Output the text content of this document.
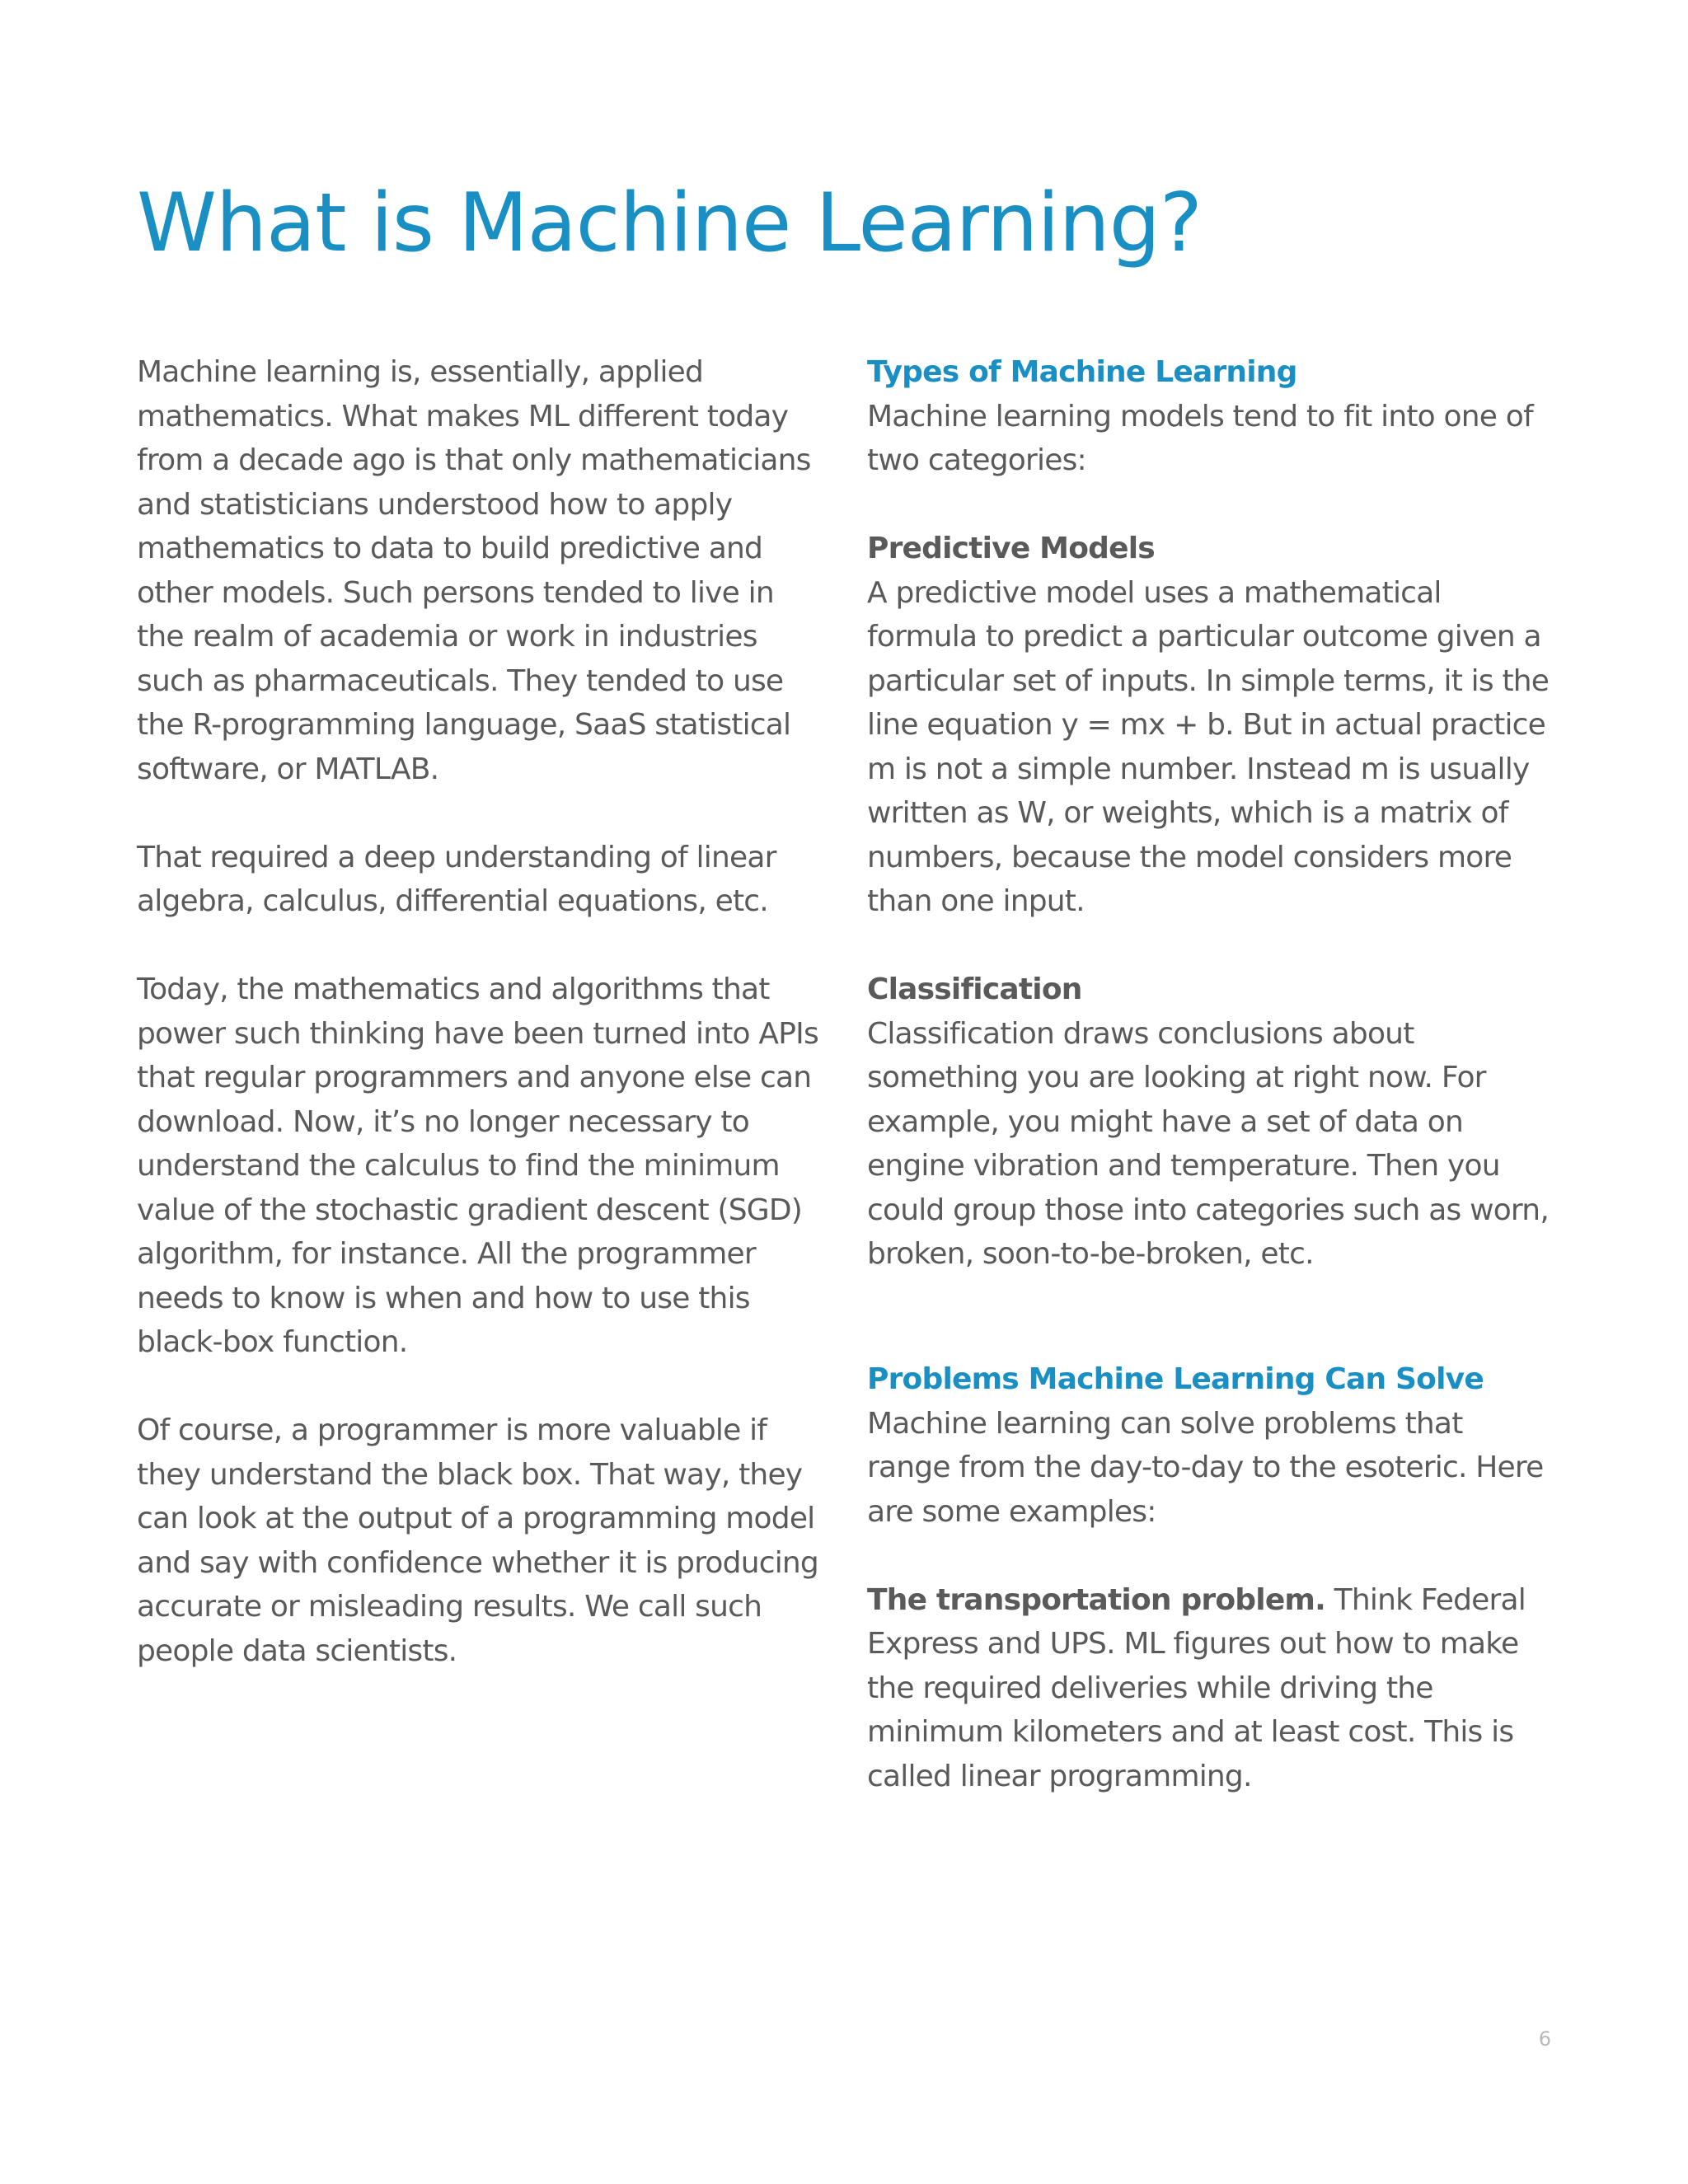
What is Machine Learning?

Machine learning is, essentially, applied mathematics. What makes ML different today from a decade ago is that only mathematicians and statisticians understood how to apply mathematics to data to build predictive and other models. Such persons tended to live in the realm of academia or work in industries such as pharmaceuticals. They tended to use the R-programming language, SaaS statistical software, or MATLAB.

That required a deep understanding of linear algebra, calculus, differential equations, etc.

Today, the mathematics and algorithms that power such thinking have been turned into APIs that regular programmers and anyone else can download. Now, it’s no longer necessary to understand the calculus to find the minimum value of the stochastic gradient descent (SGD) algorithm, for instance. All the programmer needs to know is when and how to use this black-box function.

Of course, a programmer is more valuable if they understand the black box. That way, they can look at the output of a programming model and say with confidence whether it is producing accurate or misleading results. We call such people data scientists.

Types of Machine Learning

Machine learning models tend to fit into one of two categories:

Predictive Models

A predictive model uses a mathematical formula to predict a particular outcome given a particular set of inputs. In simple terms, it is the line equation y = mx + b. But in actual practice m is not a simple number. Instead m is usually written as W, or weights, which is a matrix of numbers, because the model considers more than one input.

Classification

Classification draws conclusions about something you are looking at right now. For example, you might have a set of data on engine vibration and temperature. Then you could group those into categories such as worn, broken, soon-to-be-broken, etc.

Problems Machine Learning Can Solve

Machine learning can solve problems that range from the day-to-day to the esoteric. Here are some examples:

The transportation problem. Think Federal Express and UPS. ML figures out how to make the required deliveries while driving the minimum kilometers and at least cost. This is called linear programming.

6
